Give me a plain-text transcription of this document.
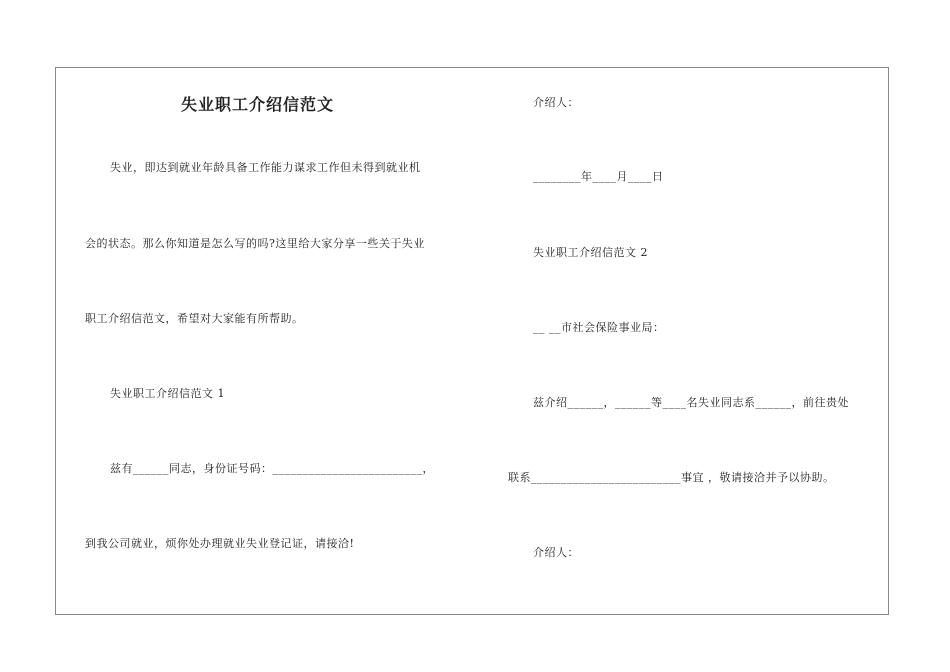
失业职工介绍信范文
失业，即达到就业年龄具备工作能力谋求工作但未得到就业机
会的状态。那么你知道是怎么写的吗?这里给大家分享一些关于失业
职工介绍信范文，希望对大家能有所帮助。
失业职工介绍信范文 1
兹有______同志，身份证号码：_________________________，
到我公司就业，烦你处办理就业失业登记证，请接洽!
介绍人：
________年____月____日
失业职工介绍信范文 2
__ __市社会保险事业局：
兹介绍______，______等____名失业同志系______，前往贵处
联系_________________________事宜 ，敬请接洽并予以协助。
介绍人：
